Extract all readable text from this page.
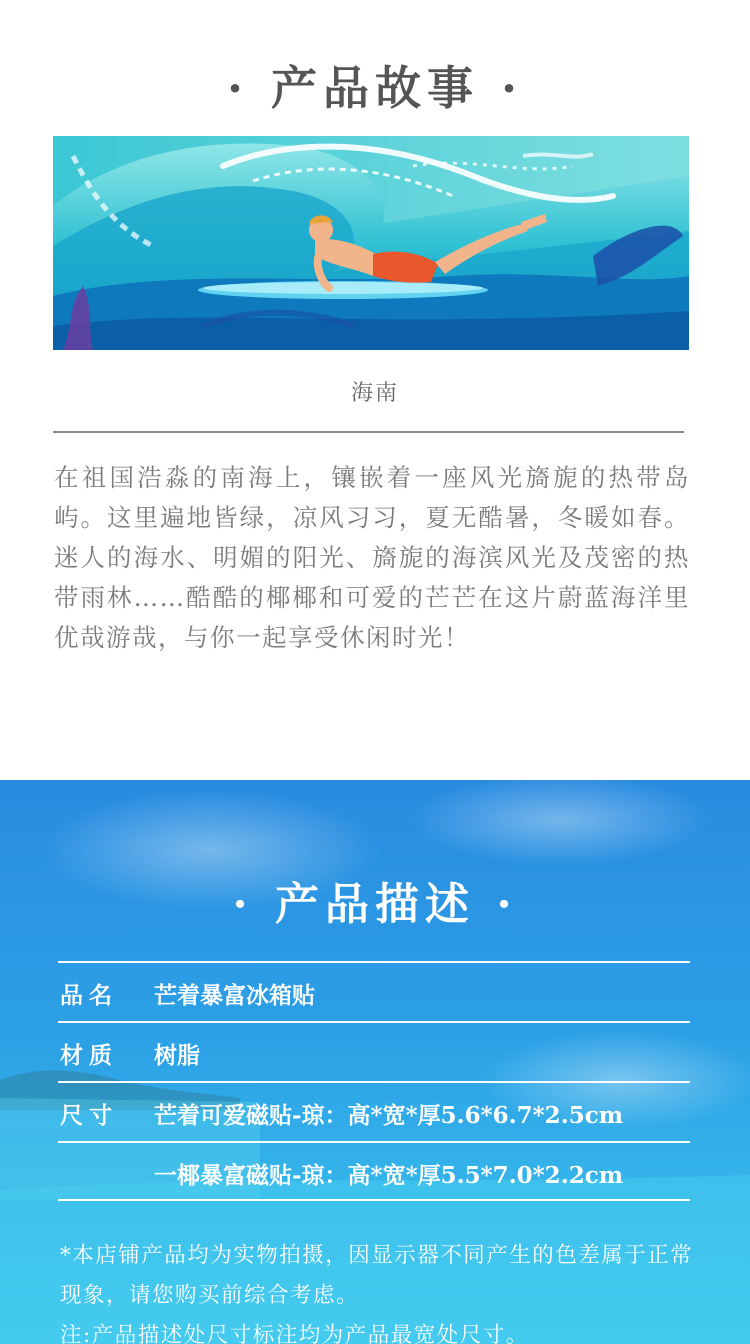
· 产品故事 ·
海南

在祖国浩淼的南海上，镶嵌着一座风光旖旎的热带岛屿。这里遍地皆绿，凉风习习，夏无酷暑，冬暖如春。迷人的海水、明媚的阳光、旖旎的海滨风光及茂密的热带雨林……酷酷的椰椰和可爱的芒芒在这片蔚蓝海洋里优哉游哉，与你一起享受休闲时光！

· 产品描述 ·
品名	芒着暴富冰箱贴
材质	树脂
尺寸	芒着可爱磁贴-琼：高*宽*厚5.6*6.7*2.5cm
一椰暴富磁贴-琼：高*宽*厚5.5*7.0*2.2cm

*本店铺产品均为实物拍摄，因显示器不同产生的色差属于正常现象，请您购买前综合考虑。

注:产品描述处尺寸标注均为产品最宽处尺寸。
